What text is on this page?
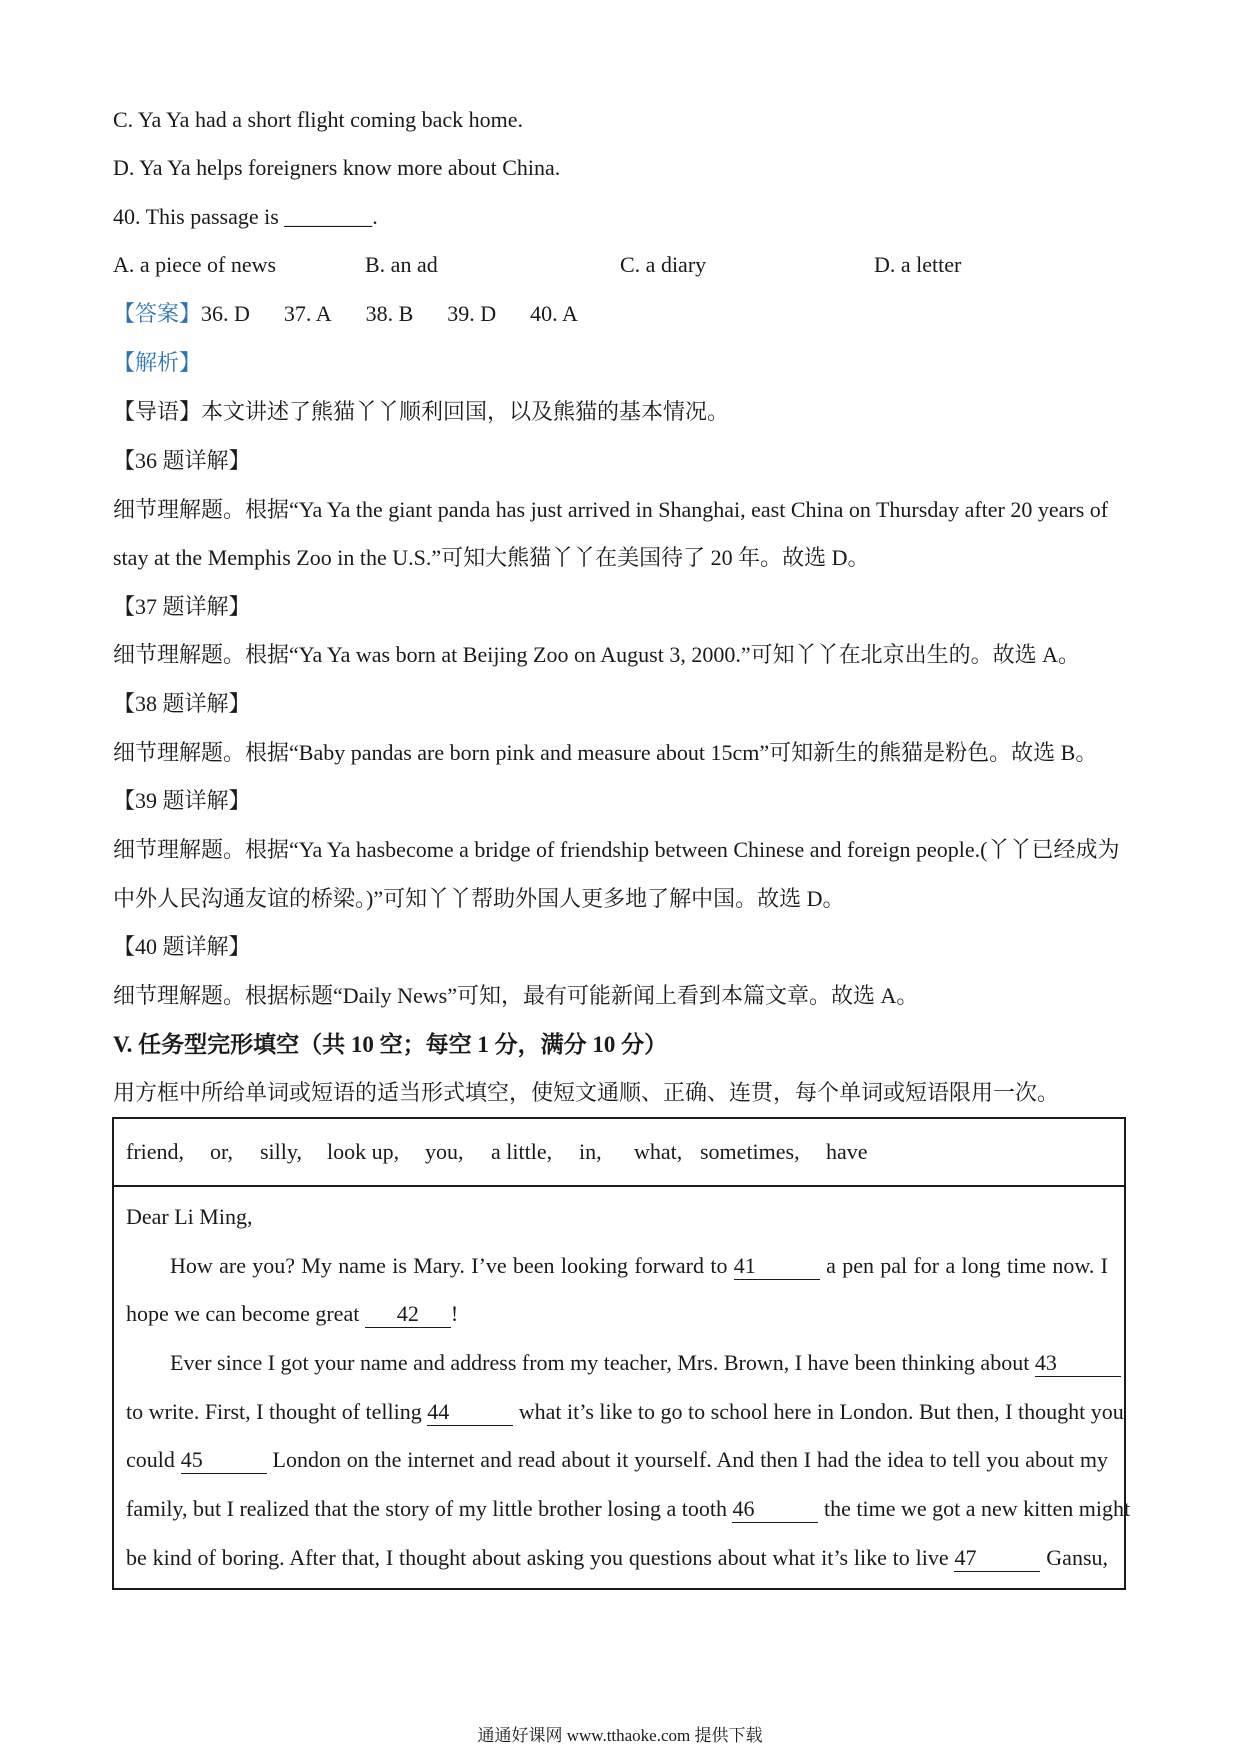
C. Ya Ya had a short flight coming back home.

D. Ya Ya helps foreigners know more about China.

40. This passage is ________.

A. a piece of news	B. an ad	C. a diary	D. a letter

【答案】36. D 37. A 38. B 39. D 40. A

【解析】

【导语】本文讲述了熊猫丫丫顺利回国，以及熊猫的基本情况。

【36 题详解】

细节理解题。根据“Ya Ya the giant panda has just arrived in Shanghai, east China on Thursday after 20 years of

stay at the Memphis Zoo in the U.S.”可知大熊猫丫丫在美国待了 20 年。故选 D。

【37 题详解】

细节理解题。根据“Ya Ya was born at Beijing Zoo on August 3, 2000.”可知丫丫在北京出生的。故选 A。

【38 题详解】

细节理解题。根据“Baby pandas are born pink and measure about 15cm”可知新生的熊猫是粉色。故选 B。

【39 题详解】

细节理解题。根据“Ya Ya hasbecome a bridge of friendship between Chinese and foreign people.(丫丫已经成为

中外人民沟通友谊的桥梁。)”可知丫丫帮助外国人更多地了解中国。故选 D。

【40 题详解】

细节理解题。根据标题“Daily News”可知，最有可能新闻上看到本篇文章。故选 A。

V. 任务型完形填空（共 10 空；每空 1 分，满分 10 分）

用方框中所给单词或短语的适当形式填空，使短文通顺、正确、连贯，每个单词或短语限用一次。

friend, or, silly, look up, you, a little, in, what, sometimes, have

Dear Li Ming,

How are you? My name is Mary. I’ve been looking forward to 41	a pen pal for a long time now. I

hope we can become great 42 !

Ever since I got your name and address from my teacher, Mrs. Brown, I have been thinking about 43

to write. First, I thought of telling 44	what it’s like to go to school here in London. But then, I thought you

could 45	London on the internet and read about it yourself. And then I had the idea to tell you about my

family, but I realized that the story of my little brother losing a tooth 46	the time we got a new kitten might

be kind of boring. After that, I thought about asking you questions about what it’s like to live 47	Gansu,

通通好课网 www.tthaoke.com 提供下载
